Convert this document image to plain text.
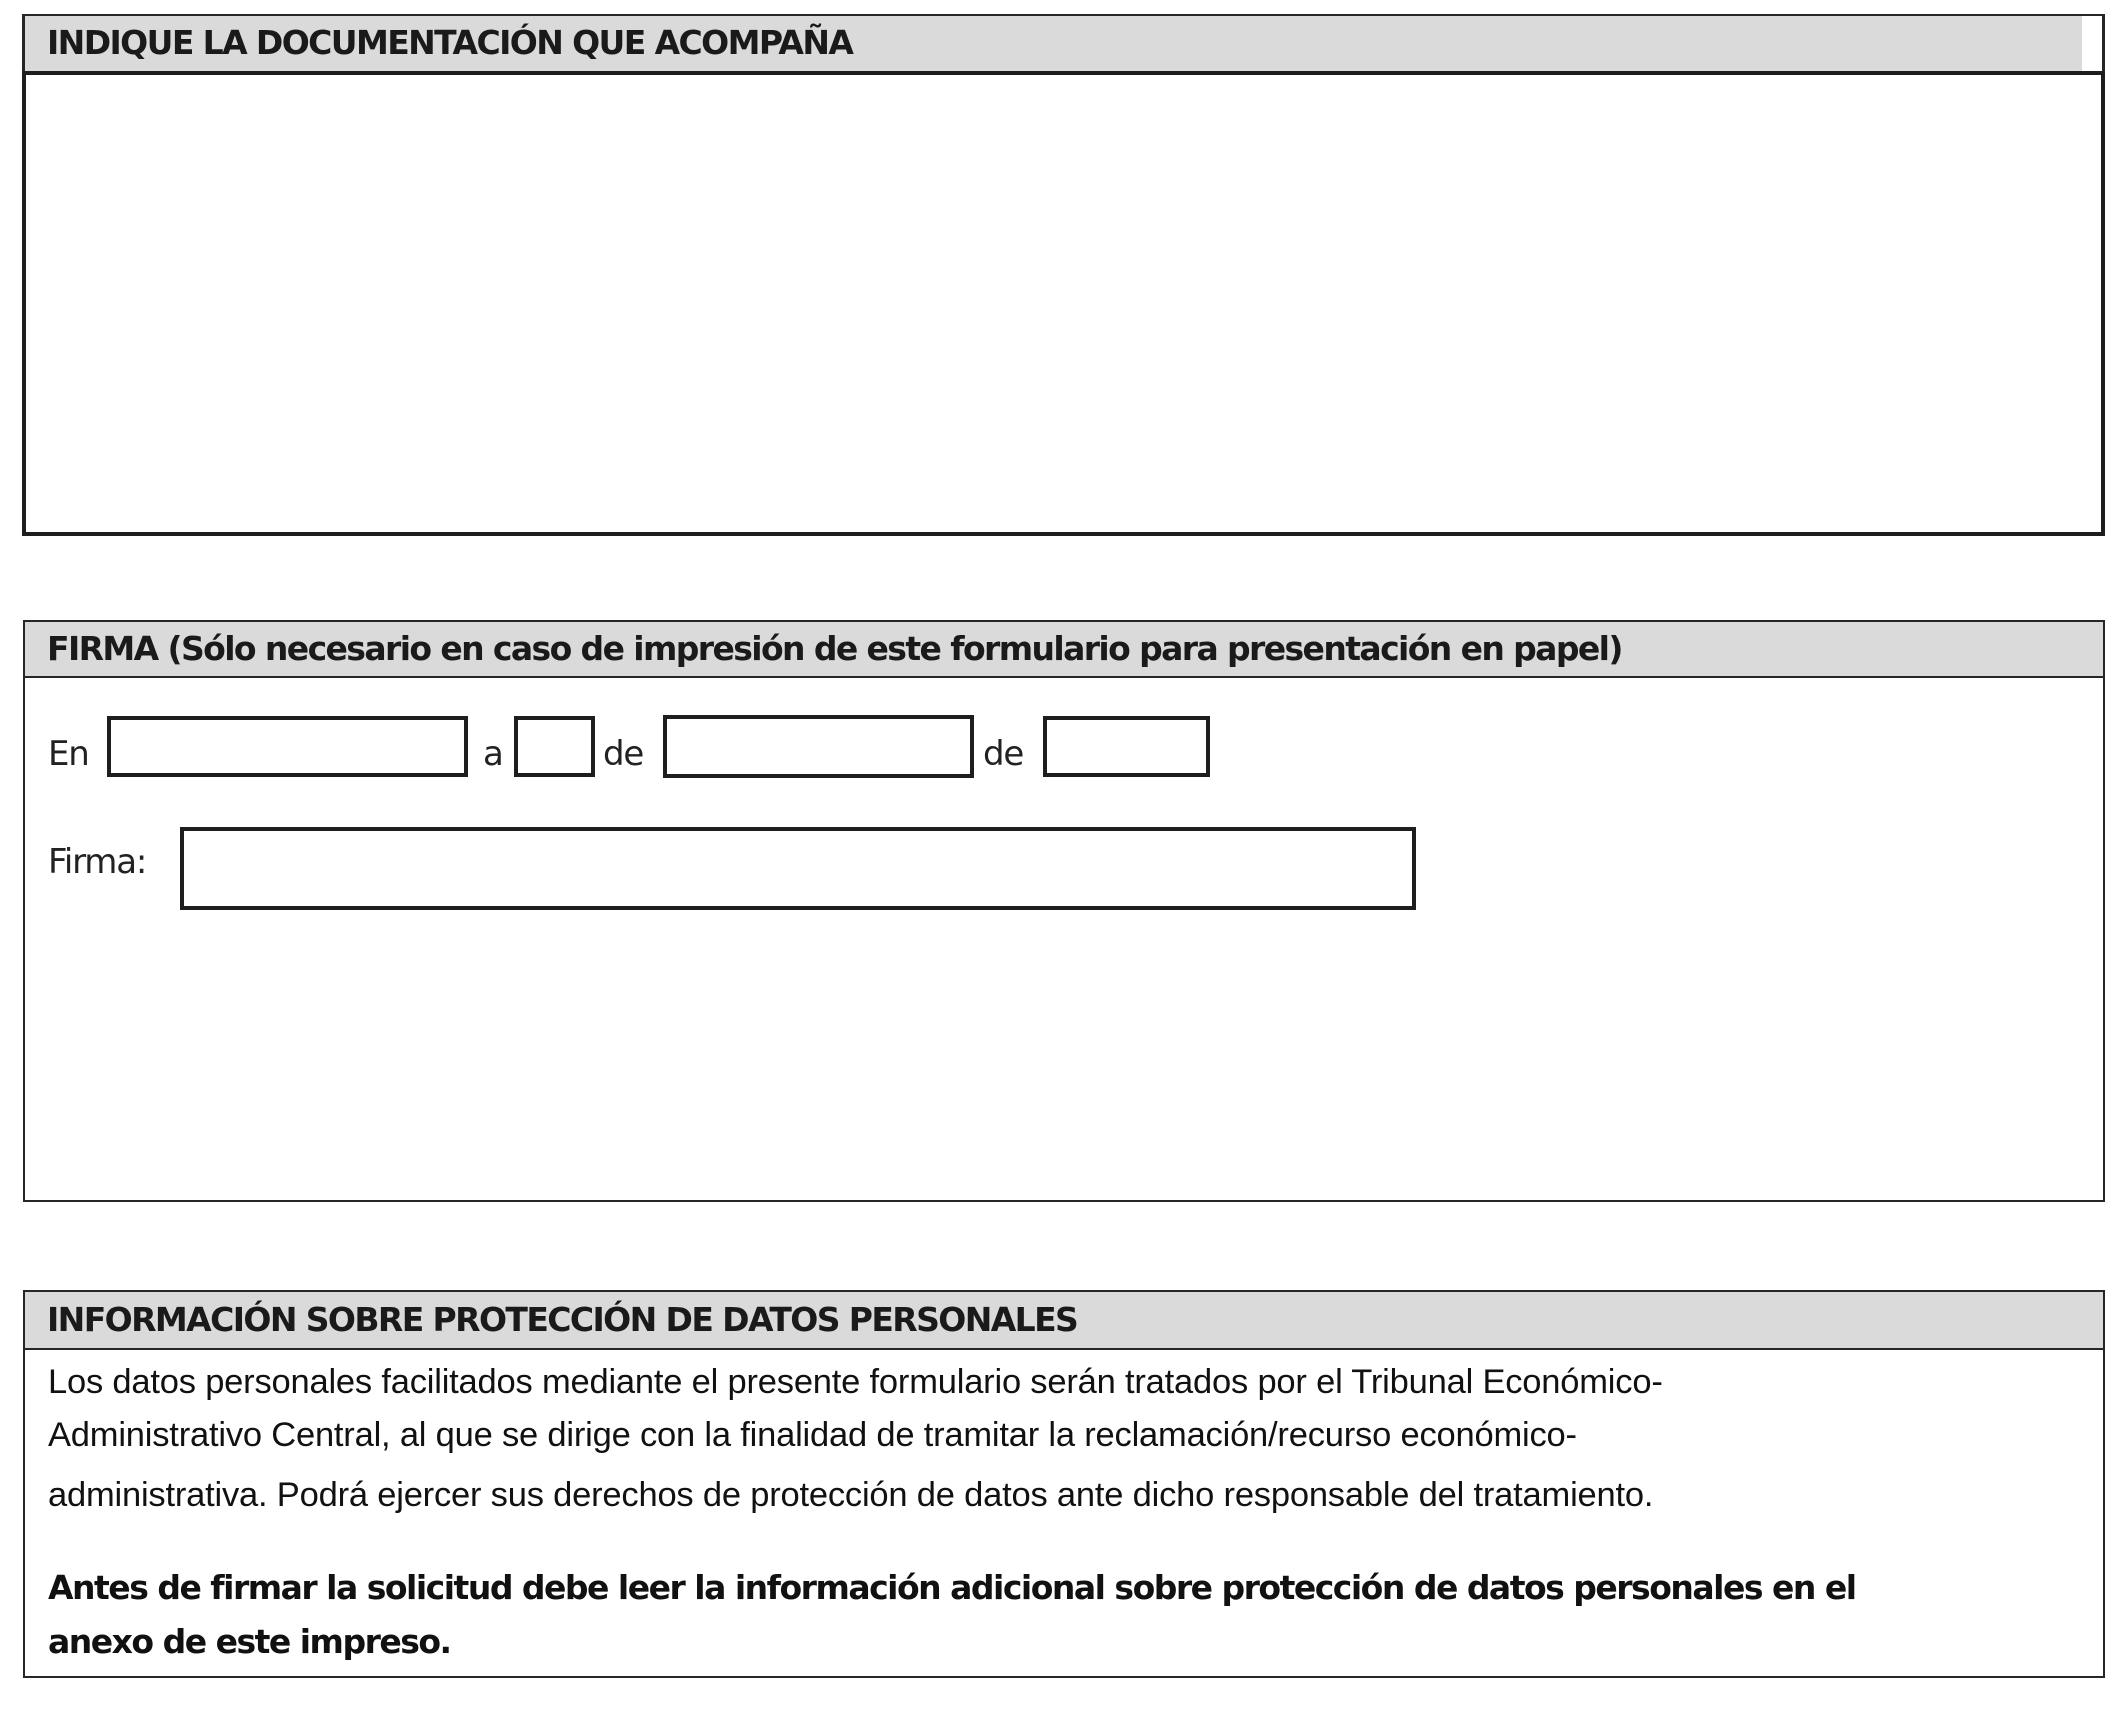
INDIQUE LA DOCUMENTACIÓN QUE ACOMPAÑA
FIRMA (Sólo necesario en caso de impresión de este formulario para presentación en papel)
En	a	de	de
Firma:
INFORMACIÓN SOBRE PROTECCIÓN DE DATOS PERSONALES
Los datos personales facilitados mediante el presente formulario serán tratados por el Tribunal Económico-
Administrativo Central, al que se dirige con la finalidad de tramitar la reclamación/recurso económico-
administrativa. Podrá ejercer sus derechos de protección de datos ante dicho responsable del tratamiento.
Antes de firmar la solicitud debe leer la información adicional sobre protección de datos personales en el
anexo de este impreso.
